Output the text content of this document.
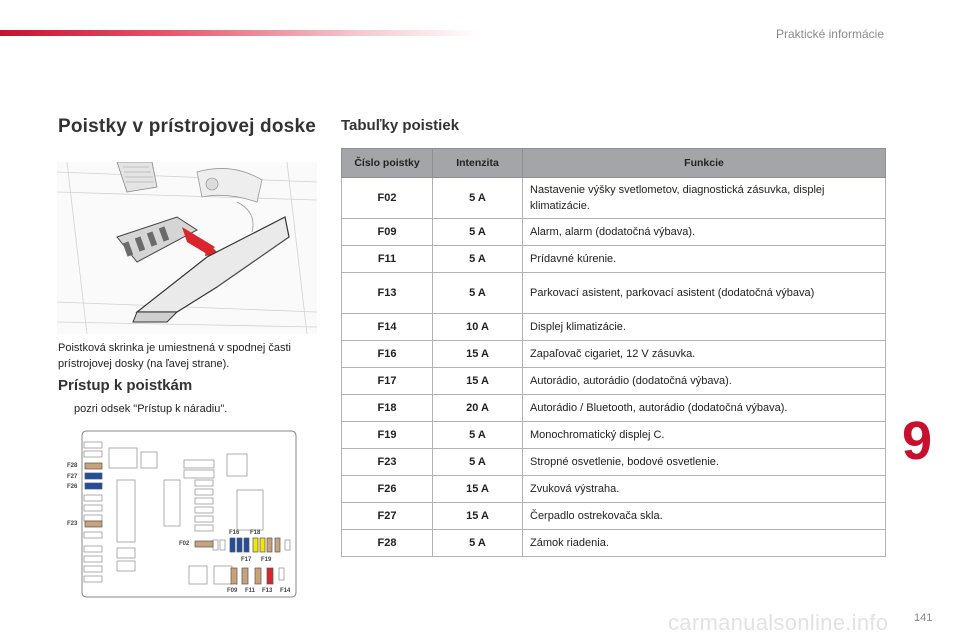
Praktické informácie
Poistky v prístrojovej doske
Poistková skrinka je umiestnená v spodnej časti prístrojovej dosky (na ľavej strane).
Prístup k poistkám
pozri odsek "Prístup k náradiu".
F28
F27
F26
F23
F02
F16 F18
F17 F19
F09 F11 F13 F14
Tabuľky poistiek
Číslo poistky	Intenzita	Funkcie
F02	5 A	Nastavenie výšky svetlometov, diagnostická zásuvka, displej klimatizácie.
F09	5 A	Alarm, alarm (dodatočná výbava).
F11	5 A	Prídavné kúrenie.
F13	5 A	Parkovací asistent, parkovací asistent (dodatočná výbava)
F14	10 A	Displej klimatizácie.
F16	15 A	Zapaľovač cigariet, 12 V zásuvka.
F17	15 A	Autorádio, autorádio (dodatočná výbava).
F18	20 A	Autorádio / Bluetooth, autorádio (dodatočná výbava).
F19	5 A	Monochromatický displej C.
F23	5 A	Stropné osvetlenie, bodové osvetlenie.
F26	15 A	Zvuková výstraha.
F27	15 A	Čerpadlo ostrekovača skla.
F28	5 A	Zámok riadenia.
9
carmanualsonline.info 141
